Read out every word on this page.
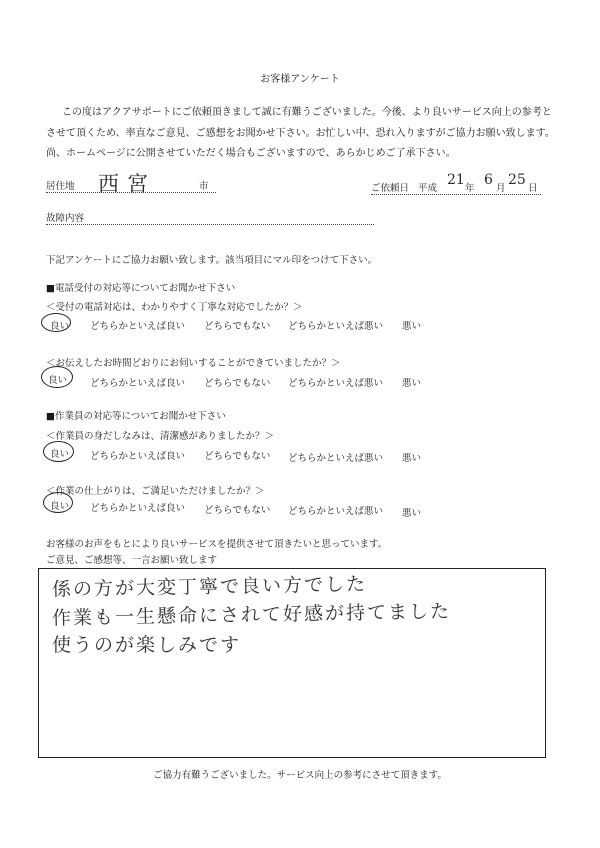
お客様アンケート
この度はアクアサポートにご依頼頂きまして誠に有難うございました。今後、より良いサービス向上の参考と
させて頂くため、率直なご意見、ご感想をお聞かせ下さい。お忙しい中、恐れ入りますがご協力お願い致します。
尚、ホームページに公開させていただく場合もございますので、あらかじめご了承下さい。
居住地 西宮	市	ご依頼日 平成
21
年
6
月
25
日
故障内容
下記アンケートにご協力お願い致します。該当項目にマル印をつけて下さい。
■電話受付の対応等についてお聞かせ下さい
＜受付の電話対応は、わかりやすく丁寧な対応でしたか？＞
良い どちらかといえば良い どちらでもない どちらかといえば悪い 悪い
＜お伝えしたお時間どおりにお伺いすることができていましたか？＞
良い どちらかといえば良い どちらでもない どちらかといえば悪い 悪い
■作業員の対応等についてお聞かせ下さい
＜作業員の身だしなみは、清潔感がありましたか？＞
良い どちらかといえば良い どちらでもない どちらかといえば悪い 悪い
＜作業の仕上がりは、ご満足いただけましたか？＞
良い どちらかといえば良い どちらでもない どちらかといえば悪い 悪い
お客様のお声をもとにより良いサービスを提供させて頂きたいと思っています。
ご意見、ご感想等、一言お願い致します
係の方が大変丁寧で良い方でした
作業も一生懸命にされて好感が持てました
使うのが楽しみです
ご協力有難うございました。サービス向上の参考にさせて頂きます。
